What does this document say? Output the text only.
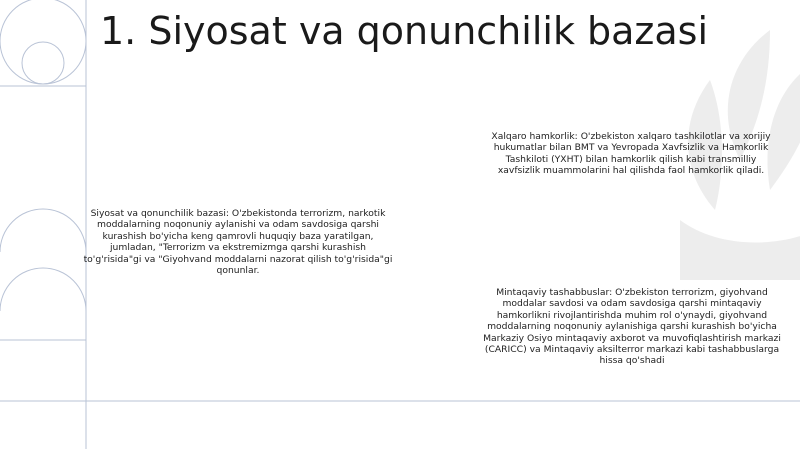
1. Siyosat va qonunchilik bazasi

Siyosat va qonunchilik bazasi: O'zbekistonda terrorizm, narkotik moddalarning noqonuniy aylanishi va odam savdosiga qarshi kurashish bo'yicha keng qamrovli huquqiy baza yaratilgan, jumladan, "Terrorizm va ekstremizmga qarshi kurashish to'g'risida"gi va "Giyohvand moddalarni nazorat qilish to'g'risida"gi qonunlar.

Xalqaro hamkorlik: O'zbekiston xalqaro tashkilotlar va xorijiy hukumatlar bilan BMT va Yevropada Xavfsizlik va Hamkorlik Tashkiloti (YXHT) bilan hamkorlik qilish kabi transmilliy xavfsizlik muammolarini hal qilishda faol hamkorlik qiladi.

Mintaqaviy tashabbuslar: O'zbekiston terrorizm, giyohvand moddalar savdosi va odam savdosiga qarshi mintaqaviy hamkorlikni rivojlantirishda muhim rol o'ynaydi, giyohvand moddalarning noqonuniy aylanishiga qarshi kurashish bo'yicha Markaziy Osiyo mintaqaviy axborot va muvofiqlashtirish markazi (CARICC) va Mintaqaviy aksilterror markazi kabi tashabbuslarga hissa qo'shadi
